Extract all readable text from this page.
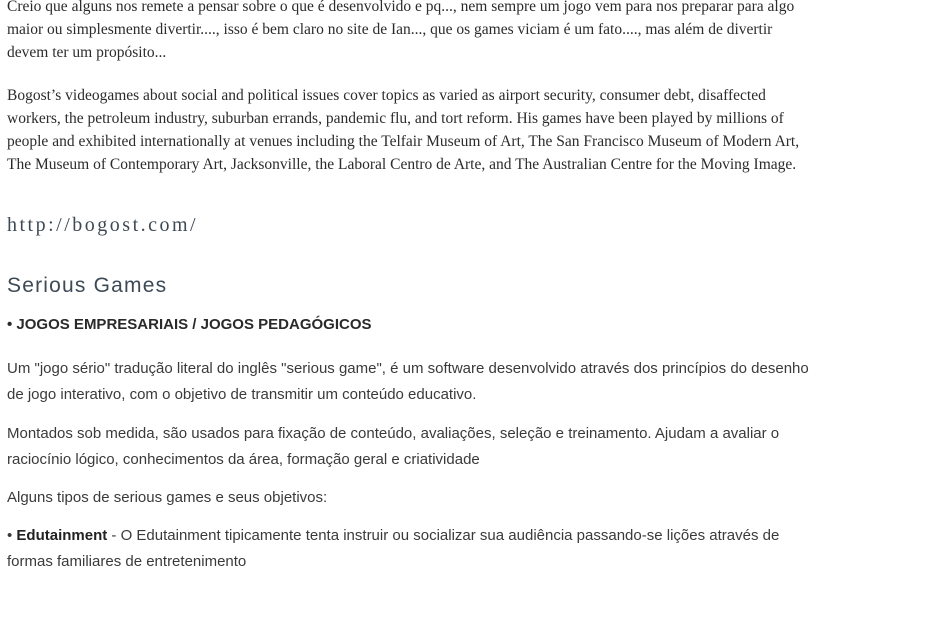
Creio que alguns nos remete a pensar sobre o que é desenvolvido e pq..., nem sempre um jogo vem para nos preparar para algo maior ou simplesmente divertir...., isso é bem claro no site de Ian..., que os games viciam é um fato...., mas além de divertir devem ter um propósito...

Bogost’s videogames about social and political issues cover topics as varied as airport security, consumer debt, disaffected workers, the petroleum industry, suburban errands, pandemic flu, and tort reform. His games have been played by millions of people and exhibited internationally at venues including the Telfair Museum of Art, The San Francisco Museum of Modern Art, The Museum of Contemporary Art, Jacksonville, the Laboral Centro de Arte, and The Australian Centre for the Moving Image.

http://bogost.com/
Serious Games
• JOGOS EMPRESARIAIS / JOGOS PEDAGÓGICOS

Um "jogo sério" tradução literal do inglês "serious game", é um software desenvolvido através dos princípios do desenho de jogo interativo, com o objetivo de transmitir um conteúdo educativo.

Montados sob medida, são usados para fixação de conteúdo, avaliações, seleção e treinamento. Ajudam a avaliar o raciocínio lógico, conhecimentos da área, formação geral e criatividade

Alguns tipos de serious games e seus objetivos:

• Edutainment - O Edutainment tipicamente tenta instruir ou socializar sua audiência passando-se lições através de formas familiares de entretenimento
